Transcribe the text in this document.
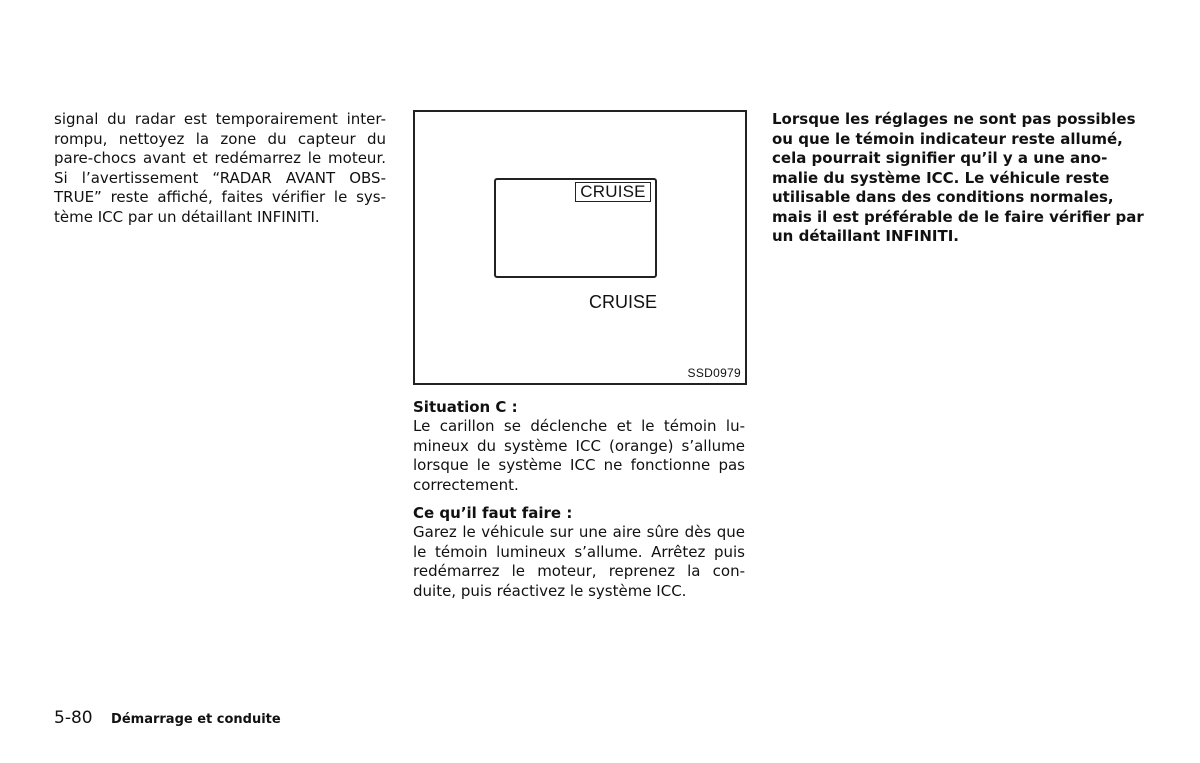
signal du radar est temporairement inter-
rompu, nettoyez la zone du capteur du
pare-chocs avant et redémarrez le moteur.
Si l’avertissement “RADAR AVANT OBS-
TRUE” reste affiché, faites vérifier le sys-
tème ICC par un détaillant INFINITI.

CRUISE
CRUISE
SSD0979
Situation C :

Le carillon se déclenche et le témoin lu-
mineux du système ICC (orange) s’allume
lorsque le système ICC ne fonctionne pas
correctement.

Ce qu’il faut faire :

Garez le véhicule sur une aire sûre dès que
le témoin lumineux s’allume. Arrêtez puis
redémarrez le moteur, reprenez la con-
duite, puis réactivez le système ICC.

Lorsque les réglages ne sont pas possibles
ou que le témoin indicateur reste allumé,
cela pourrait signifier qu’il y a une ano-
malie du système ICC. Le véhicule reste
utilisable dans des conditions normales,
mais il est préférable de le faire vérifier par
un détaillant INFINITI.

5-80 Démarrage et conduite
